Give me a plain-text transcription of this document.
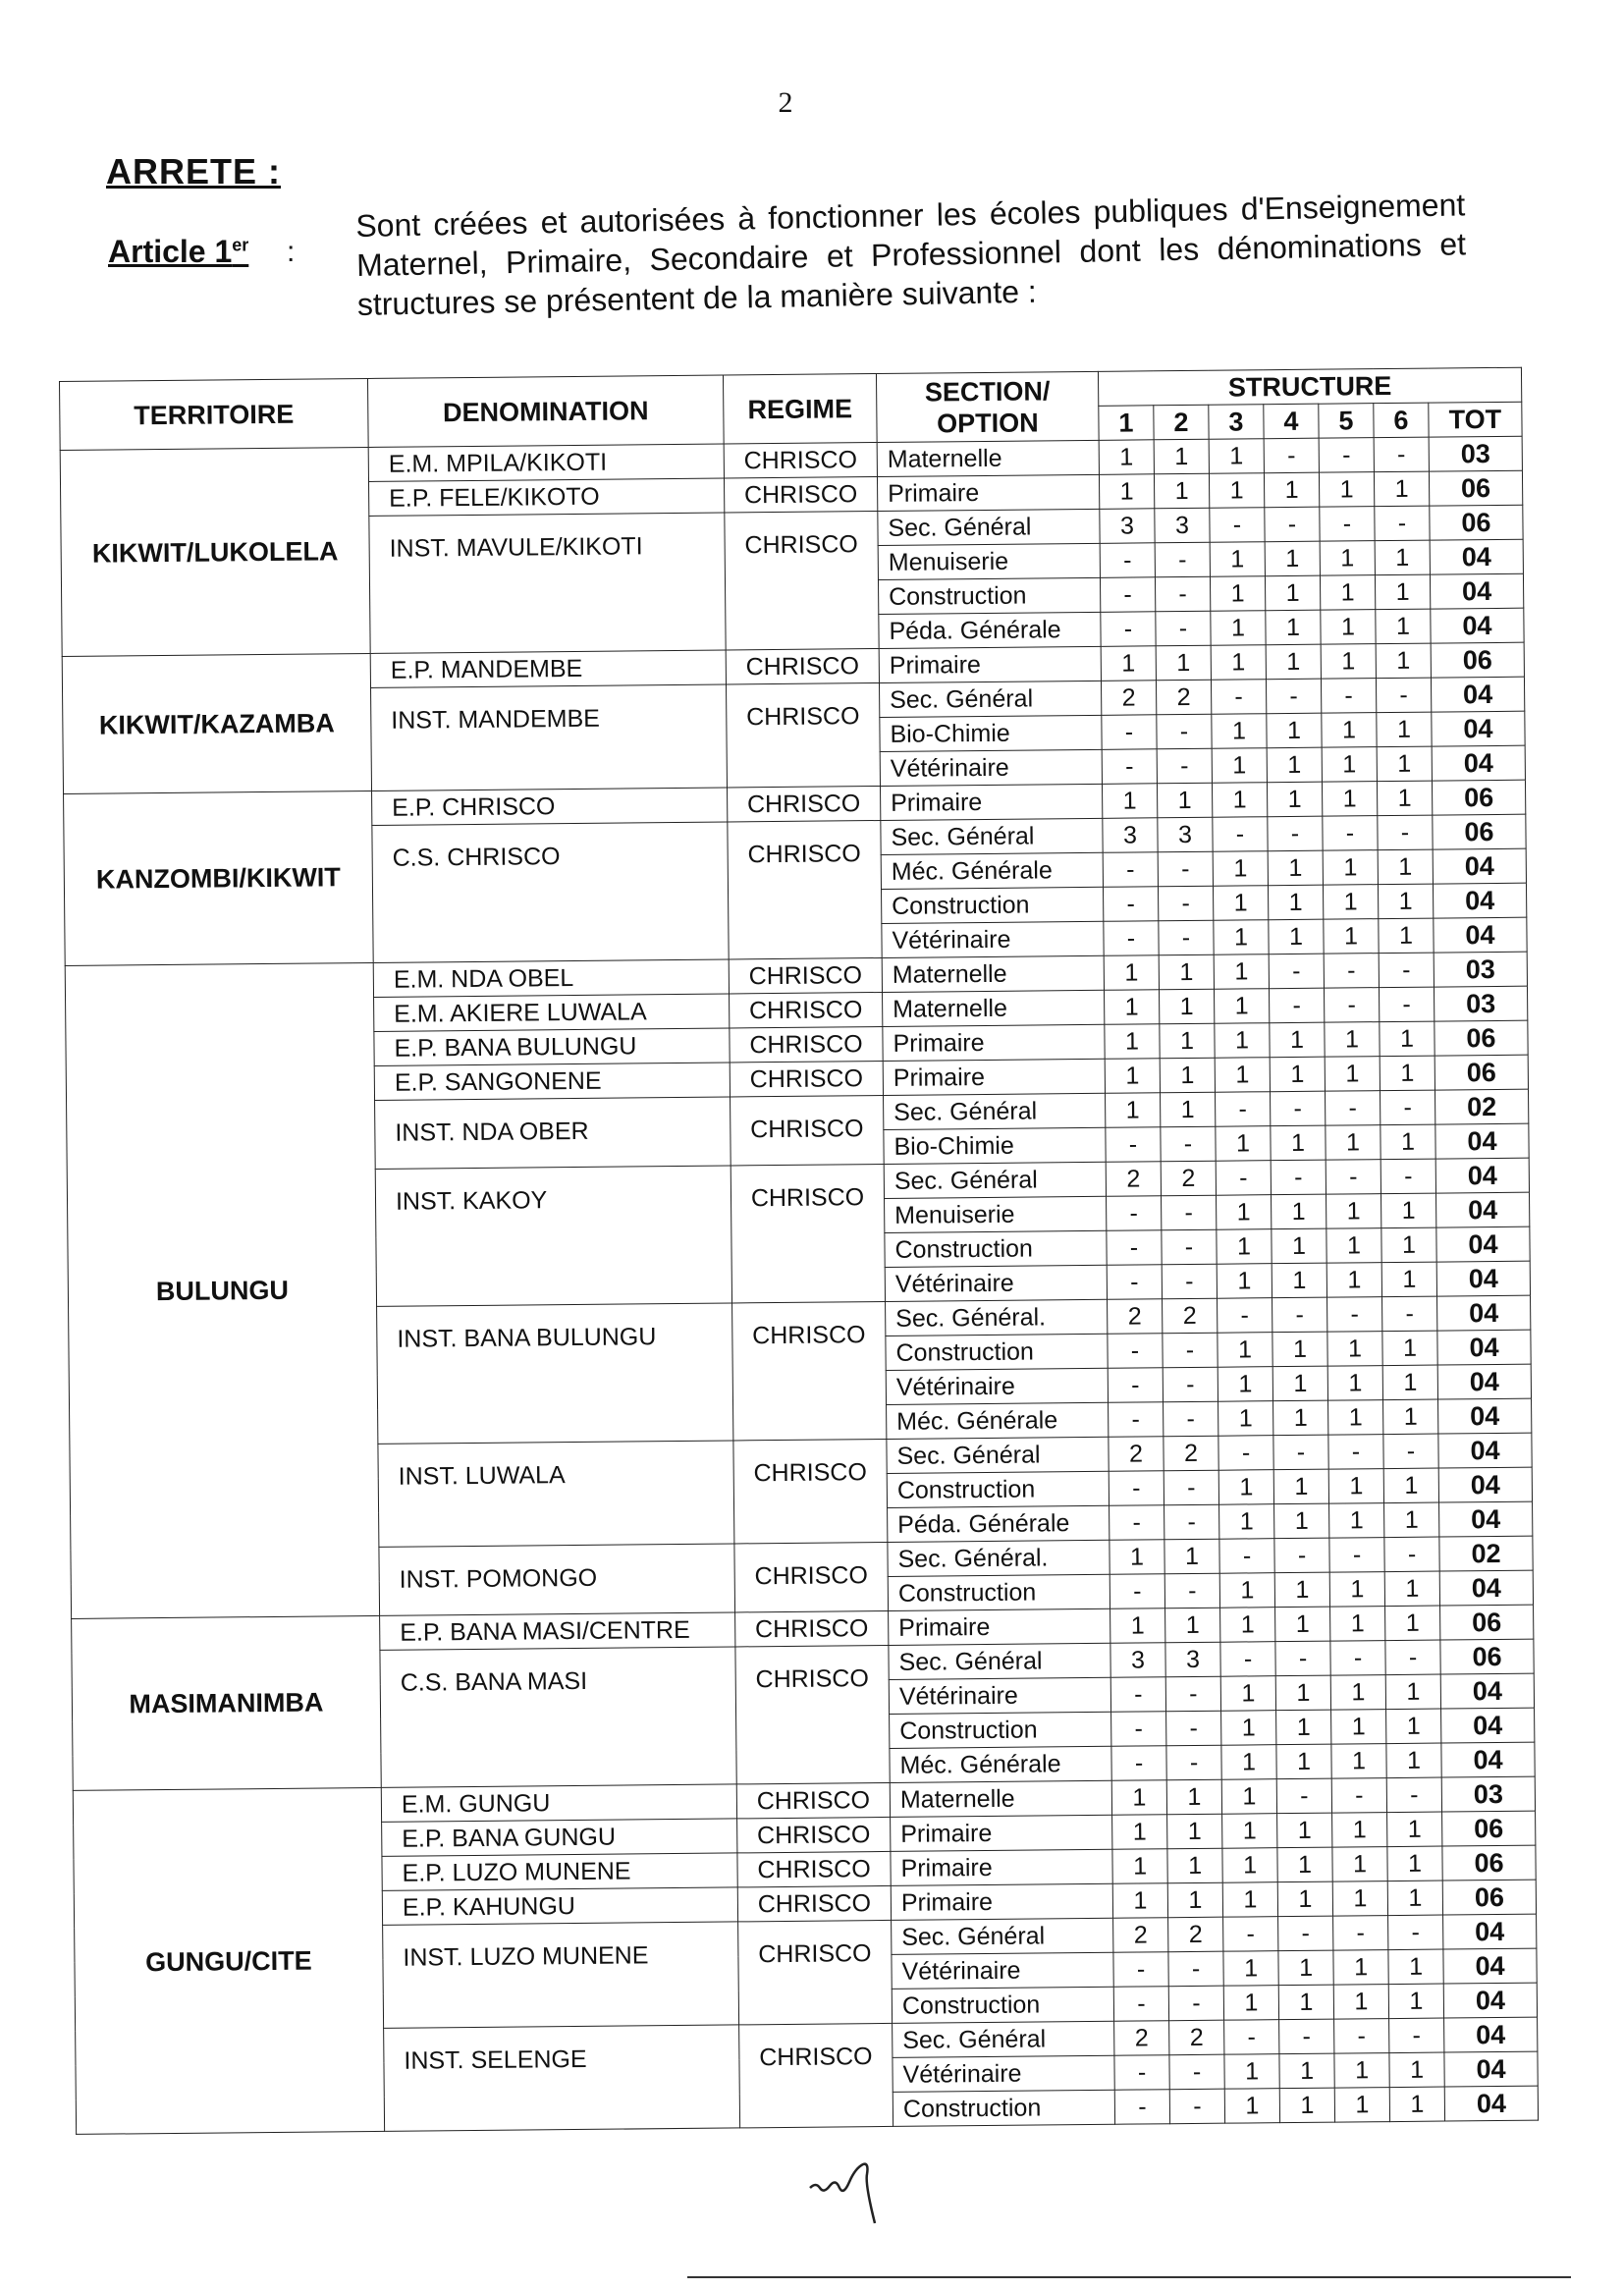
2
ARRETE :
Article 1er :
Sont créées et autorisées à fonctionner les écoles publiques d'Enseignement Maternel, Primaire, Secondaire et Professionnel dont les dénominations et structures se présentent de la manière suivante :
TERRITOIRE	DENOMINATION	REGIME	SECTION/ OPTION	STRUCTURE						
				1	2	3	4	5	6	TOT
KIKWIT/LUKOLELA	E.M. MPILA/KIKOTI	CHRISCO	Maternelle	1	1	1	-	-	-	03
	E.P. FELE/KIKOTO	CHRISCO	Primaire	1	1	1	1	1	1	06
	INST. MAVULE/KIKOTI	CHRISCO	Sec. Général	3	3	-	-	-	-	06
			Menuiserie	-	-	1	1	1	1	04
			Construction	-	-	1	1	1	1	04
			Péda. Générale	-	-	1	1	1	1	04
KIKWIT/KAZAMBA	E.P. MANDEMBE	CHRISCO	Primaire	1	1	1	1	1	1	06
	INST. MANDEMBE	CHRISCO	Sec. Général	2	2	-	-	-	-	04
			Bio-Chimie	-	-	1	1	1	1	04
			Vétérinaire	-	-	1	1	1	1	04
KANZOMBI/KIKWIT	E.P. CHRISCO	CHRISCO	Primaire	1	1	1	1	1	1	06
	C.S. CHRISCO	CHRISCO	Sec. Général	3	3	-	-	-	-	06
			Méc. Générale	-	-	1	1	1	1	04
			Construction	-	-	1	1	1	1	04
			Vétérinaire	-	-	1	1	1	1	04
BULUNGU	E.M. NDA OBEL	CHRISCO	Maternelle	1	1	1	-	-	-	03
	E.M. AKIERE LUWALA	CHRISCO	Maternelle	1	1	1	-	-	-	03
	E.P. BANA BULUNGU	CHRISCO	Primaire	1	1	1	1	1	1	06
	E.P. SANGONENE	CHRISCO	Primaire	1	1	1	1	1	1	06
	INST. NDA OBER	CHRISCO	Sec. Général	1	1	-	-	-	-	02
			Bio-Chimie	-	-	1	1	1	1	04
	INST. KAKOY	CHRISCO	Sec. Général	2	2	-	-	-	-	04
			Menuiserie	-	-	1	1	1	1	04
			Construction	-	-	1	1	1	1	04
			Vétérinaire	-	-	1	1	1	1	04
	INST. BANA BULUNGU	CHRISCO	Sec. Général.	2	2	-	-	-	-	04
			Construction	-	-	1	1	1	1	04
			Vétérinaire	-	-	1	1	1	1	04
			Méc. Générale	-	-	1	1	1	1	04
	INST. LUWALA	CHRISCO	Sec. Général	2	2	-	-	-	-	04
			Construction	-	-	1	1	1	1	04
			Péda. Générale	-	-	1	1	1	1	04
	INST. POMONGO	CHRISCO	Sec. Général.	1	1	-	-	-	-	02
			Construction	-	-	1	1	1	1	04
MASIMANIMBA	E.P. BANA MASI/CENTRE	CHRISCO	Primaire	1	1	1	1	1	1	06
	C.S. BANA MASI	CHRISCO	Sec. Général	3	3	-	-	-	-	06
			Vétérinaire	-	-	1	1	1	1	04
			Construction	-	-	1	1	1	1	04
			Méc. Générale	-	-	1	1	1	1	04
GUNGU/CITE	E.M. GUNGU	CHRISCO	Maternelle	1	1	1	-	-	-	03
	E.P. BANA GUNGU	CHRISCO	Primaire	1	1	1	1	1	1	06
	E.P. LUZO MUNENE	CHRISCO	Primaire	1	1	1	1	1	1	06
	E.P. KAHUNGU	CHRISCO	Primaire	1	1	1	1	1	1	06
	INST. LUZO MUNENE	CHRISCO	Sec. Général	2	2	-	-	-	-	04
			Vétérinaire	-	-	1	1	1	1	04
			Construction	-	-	1	1	1	1	04
	INST. SELENGE	CHRISCO	Sec. Général	2	2	-	-	-	-	04
			Vétérinaire	-	-	1	1	1	1	04
			Construction	-	-	1	1	1	1	04
